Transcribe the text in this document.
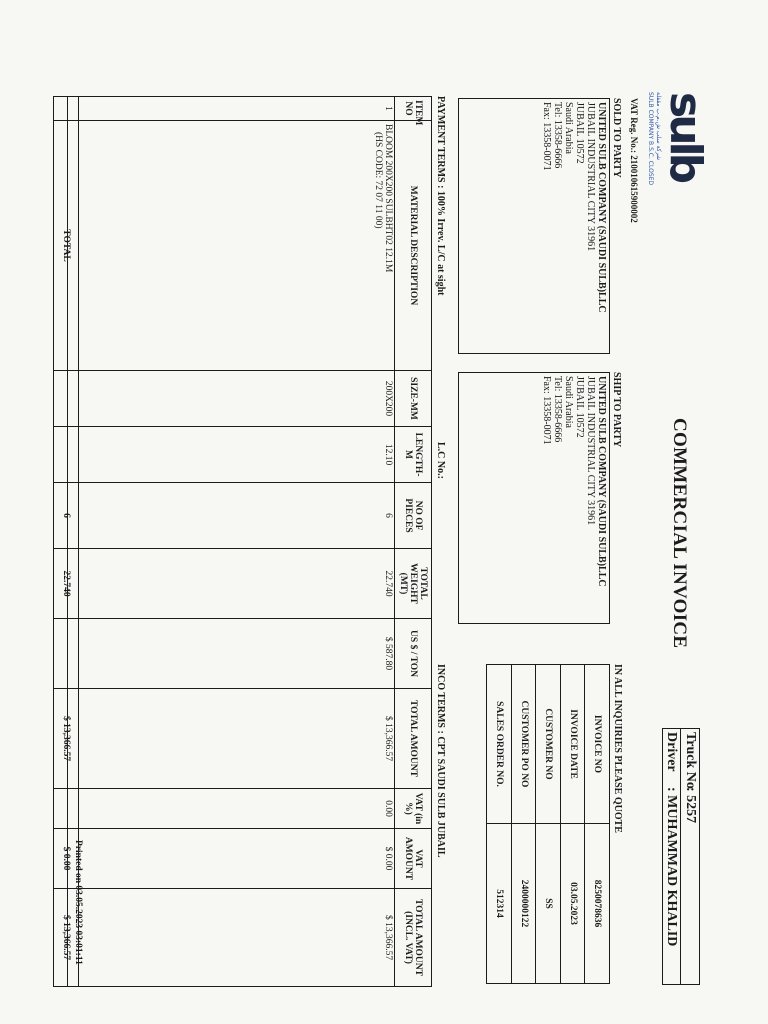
sulb
شركة سلب ش.م.ب مقفلة
SULB COMPANY B.S.C. CLOSED
COMMERCIAL INVOICE
Truck No
: 5257
Driver
: MUHAMMAD KHALID
VAT Reg. No.: 210010615900002
SOLD TO PARTY
UNITED SULB COMPANY (SAUDI SULB)LLC
JUBAIL INDUSTRIAL CITY 31961
JUBAIL 10572
Saudi Arabia
Tel: 13358-6666
Fax: 13358-0071
SHIP TO PARTY
UNITED SULB COMPANY (SAUDI SULB)LLC
JUBAIL INDUSTRIAL CITY 31961
JUBAIL 10572
Saudi Arabia
Tel: 13358-6666
Fax: 13358-0071
IN ALL INQUIRIES PLEASE QUOTE
INVOICE NO	8250078636
INVOICE DATE	03.05.2023
CUSTOMER NO	SS
CUSTOMER PO NO	2400000122
SALES ORDER NO.	512314
PAYMENT TERMS : 100% Irrev. L/C at sight
L.C No.:
INCO TERMS : CPT SAUDI SULB JUBAIL
ITEM NO	MATERIAL DESCRIPTION	SIZE-MM	LENGTH-M	NO OF PIECES	TOTAL WEIGHT (MT)	US $ / TON	TOTAL AMOUNT	VAT (in %)	VAT AMOUNT	TOTAL AMOUNT (INCL. VAT)
1	BLOOM 200X200 SULBHT02 12.1M
(HS CODE: 72 07 11 00)	200X200	12.10	6	22.740	$ 587.80	$ 13,366.57	0.00	$ 0.00	$ 13,366.57
	TOTAL			6	22.740		$ 13,366.57		$ 0.00	$ 13,366.57 Printed on 03.05.2023 03:01:11
